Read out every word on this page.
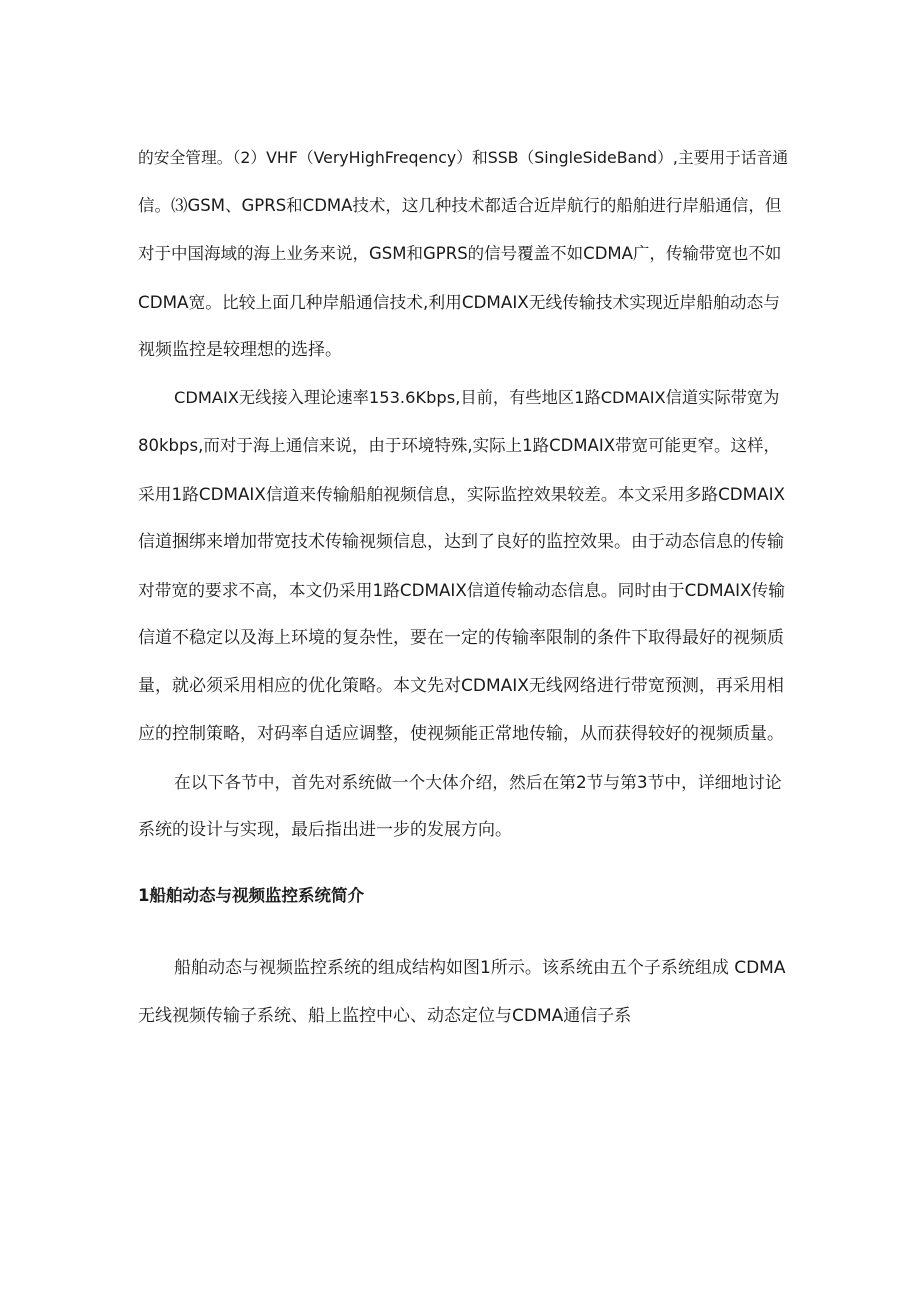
的安全管理。（2）VHF（VeryHighFreqency）和SSB（SingleSideBand）,主要用于话音通
信。⑶GSM、GPRS和CDMA技术，这几种技术都适合近岸航行的船舶进行岸船通信，但
对于中国海域的海上业务来说，GSM和GPRS的信号覆盖不如CDMA广，传输带宽也不如
CDMA宽。比较上面几种岸船通信技术,利用CDMAIX无线传输技术实现近岸船舶动态与
视频监控是较理想的选择。
CDMAIX无线接入理论速率153.6Kbps,目前，有些地区1路CDMAIX信道实际带宽为
80kbps,而对于海上通信来说，由于环境特殊,实际上1路CDMAIX带宽可能更窄。这样，
采用1路CDMAIX信道来传输船舶视频信息，实际监控效果较差。本文采用多路CDMAIX
信道捆绑来增加带宽技术传输视频信息，达到了良好的监控效果。由于动态信息的传输
对带宽的要求不高，本文仍采用1路CDMAIX信道传输动态信息。同时由于CDMAIX传输
信道不稳定以及海上环境的复杂性，要在一定的传输率限制的条件下取得最好的视频质
量，就必须采用相应的优化策略。本文先对CDMAIX无线网络进行带宽预测，再采用相
应的控制策略，对码率自适应调整，使视频能正常地传输，从而获得较好的视频质量。
在以下各节中，首先对系统做一个大体介绍，然后在第2节与第3节中，详细地讨论
系统的设计与实现，最后指出进一步的发展方向。
1船舶动态与视频监控系统简介
船舶动态与视频监控系统的组成结构如图1所示。该系统由五个子系统组成 CDMA
无线视频传输子系统、船上监控中心、动态定位与CDMA通信子系
